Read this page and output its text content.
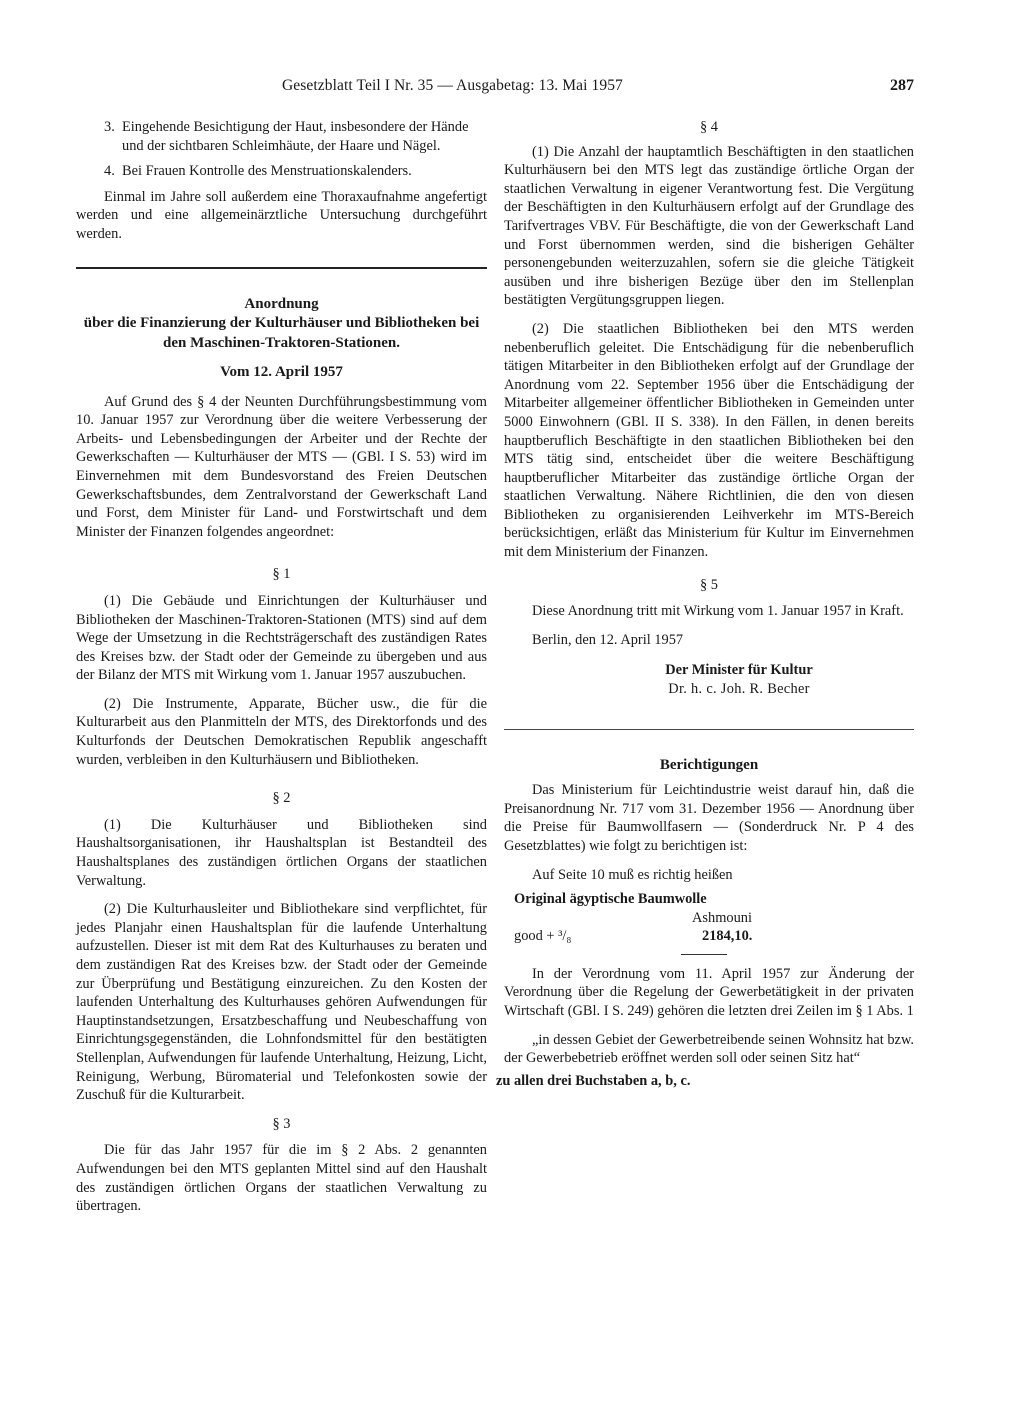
Gesetzblatt Teil I Nr. 35 — Ausgabetag: 13. Mai 1957	287
3. Eingehende Besichtigung der Haut, insbesondere der Hände und der sichtbaren Schleimhäute, der Haare und Nägel.
4. Bei Frauen Kontrolle des Menstruationskalenders.

Einmal im Jahre soll außerdem eine Thoraxaufnahme angefertigt werden und eine allgemeinärztliche Untersuchung durchgeführt werden.

Anordnung
über die Finanzierung der Kulturhäuser und Bibliotheken bei den Maschinen-Traktoren-Stationen.
Vom 12. April 1957

Auf Grund des § 4 der Neunten Durchführungsbestimmung vom 10. Januar 1957 zur Verordnung über die weitere Verbesserung der Arbeits- und Lebensbedingungen der Arbeiter und der Rechte der Gewerkschaften — Kulturhäuser der MTS — (GBl. I S. 53) wird im Einvernehmen mit dem Bundesvorstand des Freien Deutschen Gewerkschaftsbundes, dem Zentralvorstand der Gewerkschaft Land und Forst, dem Minister für Land- und Forstwirtschaft und dem Minister der Finanzen folgendes angeordnet:

§ 1

(1) Die Gebäude und Einrichtungen der Kulturhäuser und Bibliotheken der Maschinen-Traktoren-Stationen (MTS) sind auf dem Wege der Umsetzung in die Rechtsträgerschaft des zuständigen Rates des Kreises bzw. der Stadt oder der Gemeinde zu übergeben und aus der Bilanz der MTS mit Wirkung vom 1. Januar 1957 auszubuchen.

(2) Die Instrumente, Apparate, Bücher usw., die für die Kulturarbeit aus den Planmitteln der MTS, des Direktorfonds und des Kulturfonds der Deutschen Demokratischen Republik angeschafft wurden, verbleiben in den Kulturhäusern und Bibliotheken.

§ 2

(1) Die Kulturhäuser und Bibliotheken sind Haushaltsorganisationen, ihr Haushaltsplan ist Bestandteil des Haushaltsplanes des zuständigen örtlichen Organs der staatlichen Verwaltung.

(2) Die Kulturhausleiter und Bibliothekare sind verpflichtet, für jedes Planjahr einen Haushaltsplan für die laufende Unterhaltung aufzustellen. Dieser ist mit dem Rat des Kulturhauses zu beraten und dem zuständigen Rat des Kreises bzw. der Stadt oder der Gemeinde zur Überprüfung und Bestätigung einzureichen. Zu den Kosten der laufenden Unterhaltung des Kulturhauses gehören Aufwendungen für Hauptinstandsetzungen, Ersatzbeschaffung und Neubeschaffung von Einrichtungsgegenständen, die Lohnfondsmittel für den bestätigten Stellenplan, Aufwendungen für laufende Unterhaltung, Heizung, Licht, Reinigung, Werbung, Büromaterial und Telefonkosten sowie der Zuschuß für die Kulturarbeit.

§ 3

Die für das Jahr 1957 für die im § 2 Abs. 2 genannten Aufwendungen bei den MTS geplanten Mittel sind auf den Haushalt des zuständigen örtlichen Organs der staatlichen Verwaltung zu übertragen.

§ 4

(1) Die Anzahl der hauptamtlich Beschäftigten in den staatlichen Kulturhäusern bei den MTS legt das zuständige örtliche Organ der staatlichen Verwaltung in eigener Verantwortung fest. Die Vergütung der Beschäftigten in den Kulturhäusern erfolgt auf der Grundlage des Tarifvertrages VBV. Für Beschäftigte, die von der Gewerkschaft Land und Forst übernommen werden, sind die bisherigen Gehälter personengebunden weiterzuzahlen, sofern sie die gleiche Tätigkeit ausüben und ihre bisherigen Bezüge über den im Stellenplan bestätigten Vergütungsgruppen liegen.

(2) Die staatlichen Bibliotheken bei den MTS werden nebenberuflich geleitet. Die Entschädigung für die nebenberuflich tätigen Mitarbeiter in den Bibliotheken erfolgt auf der Grundlage der Anordnung vom 22. September 1956 über die Entschädigung der Mitarbeiter allgemeiner öffentlicher Bibliotheken in Gemeinden unter 5000 Einwohnern (GBl. II S. 338). In den Fällen, in denen bereits hauptberuflich Beschäftigte in den staatlichen Bibliotheken bei den MTS tätig sind, entscheidet über die weitere Beschäftigung hauptberuflicher Mitarbeiter das zuständige örtliche Organ der staatlichen Verwaltung. Nähere Richtlinien, die den von diesen Bibliotheken zu organisierenden Leihverkehr im MTS-Bereich berücksichtigen, erläßt das Ministerium für Kultur im Einvernehmen mit dem Ministerium der Finanzen.

§ 5

Diese Anordnung tritt mit Wirkung vom 1. Januar 1957 in Kraft.

Berlin, den 12. April 1957

Der Minister für Kultur
Dr. h. c. Joh. R. Becher
Berichtigungen

Das Ministerium für Leichtindustrie weist darauf hin, daß die Preisanordnung Nr. 717 vom 31. Dezember 1956 — Anordnung über die Preise für Baumwollfasern — (Sonderdruck Nr. P 4 des Gesetzblattes) wie folgt zu berichtigen ist:

Auf Seite 10 muß es richtig heißen

Original ägyptische Baumwolle

Ashmouni
good + ³/₈	2184,10.

In der Verordnung vom 11. April 1957 zur Änderung der Verordnung über die Regelung der Gewerbetätigkeit in der privaten Wirtschaft (GBl. I S. 249) gehören die letzten drei Zeilen im § 1 Abs. 1

„in dessen Gebiet der Gewerbetreibende seinen Wohnsitz hat bzw. der Gewerbebetrieb eröffnet werden soll oder seinen Sitz hat“

zu allen drei Buchstaben a, b, c.
